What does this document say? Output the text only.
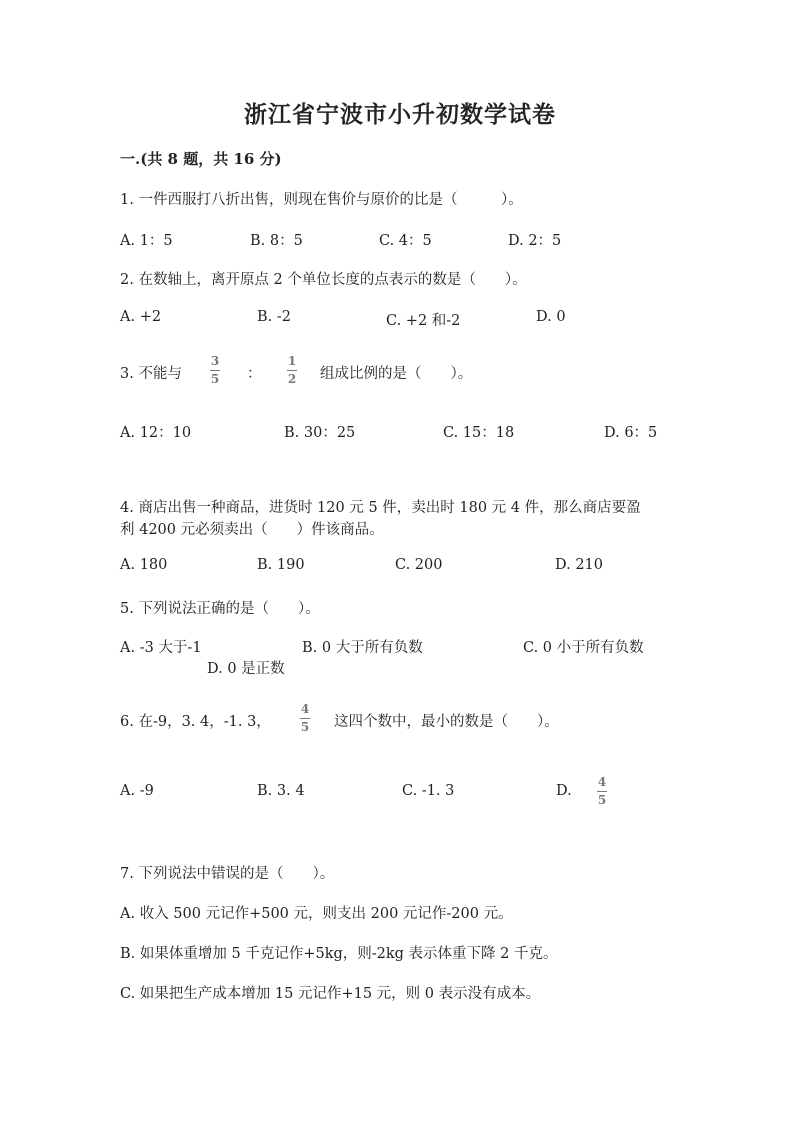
浙江省宁波市小升初数学试卷
一.(共 8 题，共 16 分)
1. 一件西服打八折出售，则现在售价与原价的比是（　　　）。
A. 1：5	B. 8：5	C. 4：5	D. 2：5
2. 在数轴上，离开原点 2 个单位长度的点表示的数是（　　）。
A. +2	B. -2	C. +2 和-2	D. 0
3. 不能与
3
5 ：
1
2 组成比例的是（　　）。
A. 12：10	B. 30：25	C. 15：18	D. 6：5
4. 商店出售一种商品，进货时 120 元 5 件，卖出时 180 元 4 件，那么商店要盈
利 4200 元必须卖出（　　）件该商品。
A. 180	B. 190	C. 200	D. 210
5. 下列说法正确的是（　　）。
A. -3 大于-1	B. 0 大于所有负数	C. 0 小于所有负数
D. 0 是正数
6. 在-9，3. 4，-1. 3，
4
5 这四个数中，最小的数是（　　）。
A. -9	B. 3. 4	C. -1. 3	D.
4
5
7. 下列说法中错误的是（　　）。
A. 收入 500 元记作+500 元，则支出 200 元记作-200 元。
B. 如果体重增加 5 千克记作+5kg，则-2kg 表示体重下降 2 千克。
C. 如果把生产成本增加 15 元记作+15 元，则 0 表示没有成本。
